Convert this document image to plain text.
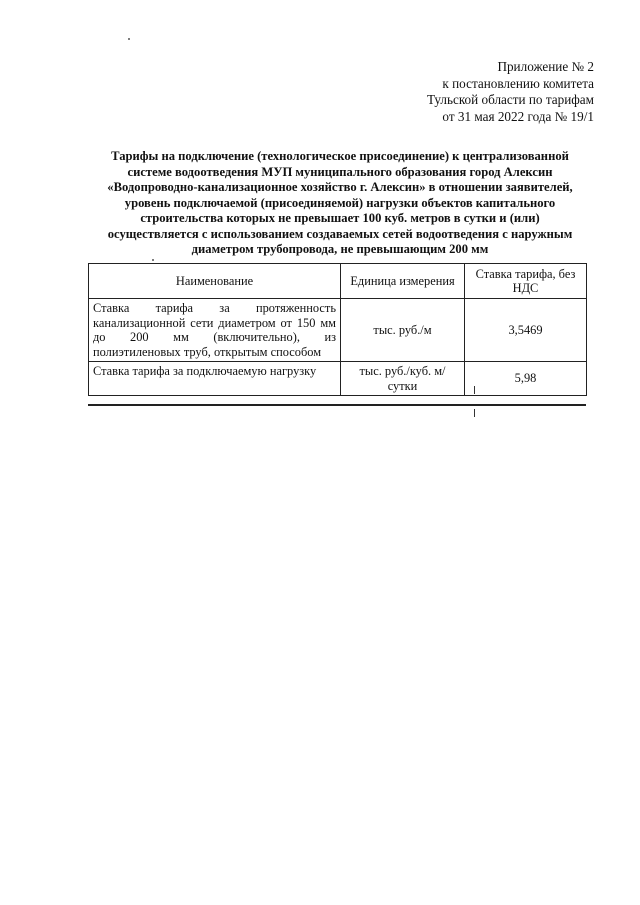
Приложение № 2
к постановлению комитета
Тульской области по тарифам
от 31 мая 2022 года № 19/1
Тарифы на подключение (технологическое присоединение) к централизованной
системе водоотведения МУП муниципального образования город Алексин
«Водопроводно-канализационное хозяйство г. Алексин» в отношении заявителей,
уровень подключаемой (присоединяемой) нагрузки объектов капитального
строительства которых не превышает 100 куб. метров в сутки и (или)
осуществляется с использованием создаваемых сетей водоотведения с наружным
диаметром трубопровода, не превышающим 200 мм
Наименование	Единица измерения	Ставка тарифа, без НДС
Ставка тарифа за протяженность канализационной сети диаметром от 150 мм до 200 мм (включительно), из полиэтиленовых труб, открытым способом	тыс. руб./м	3,5469
Ставка тарифа за подключаемую нагрузку	тыс. руб./куб. м/сутки	5,98
